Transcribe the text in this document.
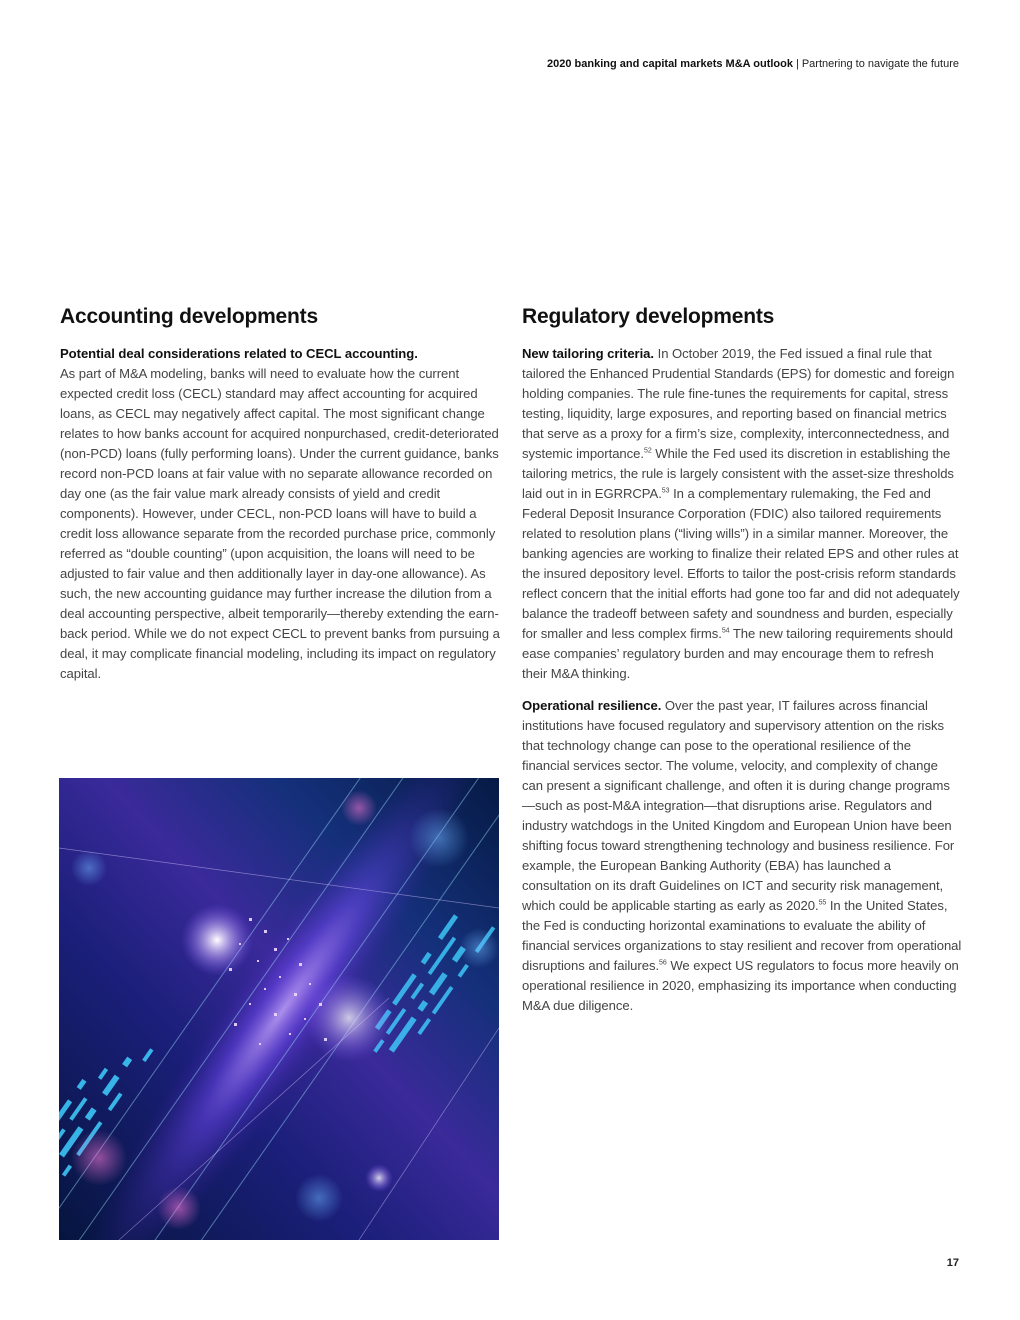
2020 banking and capital markets M&A outlook | Partnering to navigate the future
Accounting developments

Potential deal considerations related to CECL accounting.
As part of M&A modeling, banks will need to evaluate how the current expected credit loss (CECL) standard may affect accounting for acquired loans, as CECL may negatively affect capital. The most significant change relates to how banks account for acquired nonpurchased, credit-deteriorated (non-PCD) loans (fully performing loans). Under the current guidance, banks record non-PCD loans at fair value with no separate allowance recorded on day one (as the fair value mark already consists of yield and credit components). However, under CECL, non-PCD loans will have to build a credit loss allowance separate from the recorded purchase price, commonly referred as “double counting” (upon acquisition, the loans will need to be adjusted to fair value and then additionally layer in day-one allowance). As such, the new accounting guidance may further increase the dilution from a deal accounting perspective, albeit temporarily—thereby extending the earn-back period. While we do not expect CECL to prevent banks from pursuing a deal, it may complicate financial modeling, including its impact on regulatory capital.

Regulatory developments

New tailoring criteria. In October 2019, the Fed issued a final rule that tailored the Enhanced Prudential Standards (EPS) for domestic and foreign holding companies. The rule fine-tunes the requirements for capital, stress testing, liquidity, large exposures, and reporting based on financial metrics that serve as a proxy for a firm’s size, complexity, interconnectedness, and systemic importance.$^{52}$ While the Fed used its discretion in establishing the tailoring metrics, the rule is largely consistent with the asset-size thresholds laid out in in EGRRCPA.$^{53}$ In a complementary rulemaking, the Fed and Federal Deposit Insurance Corporation (FDIC) also tailored requirements related to resolution plans (“living wills”) in a similar manner. Moreover, the banking agencies are working to finalize their related EPS and other rules at the insured depository level. Efforts to tailor the post-crisis reform standards reflect concern that the initial efforts had gone too far and did not adequately balance the tradeoff between safety and soundness and burden, especially for smaller and less complex firms.$^{54}$ The new tailoring requirements should ease companies’ regulatory burden and may encourage them to refresh their M&A thinking.

Operational resilience. Over the past year, IT failures across financial institutions have focused regulatory and supervisory attention on the risks that technology change can pose to the operational resilience of the financial services sector. The volume, velocity, and complexity of change can present a significant challenge, and often it is during change programs—such as post-M&A integration—that disruptions arise. Regulators and industry watchdogs in the United Kingdom and European Union have been shifting focus toward strengthening technology and business resilience. For example, the European Banking Authority (EBA) has launched a consultation on its draft Guidelines on ICT and security risk management, which could be applicable starting as early as 2020.55 In the United States, the Fed is conducting horizontal examinations to evaluate the ability of financial services organizations to stay resilient and recover from operational disruptions and failures.$^{56}$ We expect US regulators to focus more heavily on operational resilience in 2020, emphasizing its importance when conducting M&A due diligence.

17
